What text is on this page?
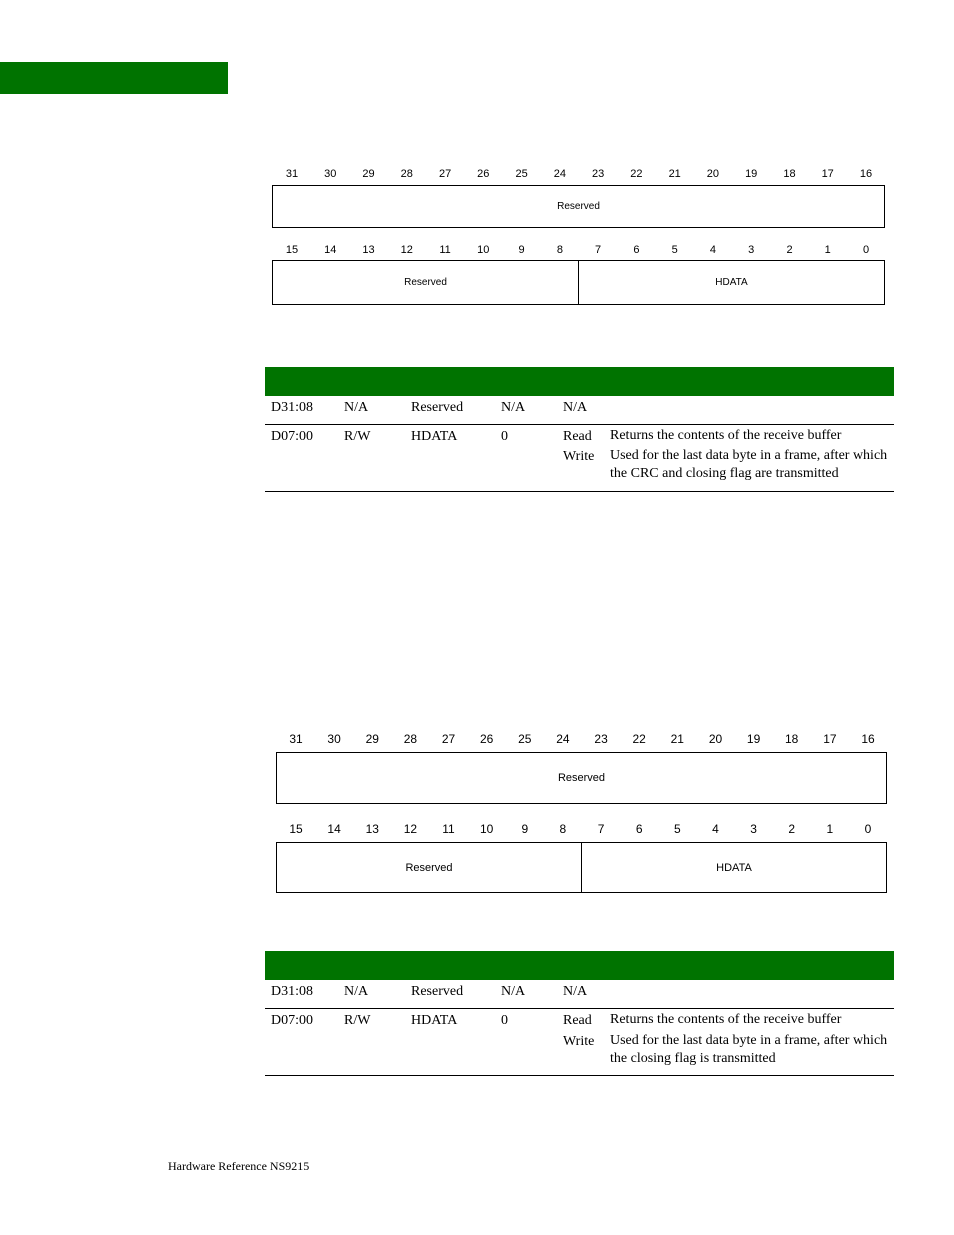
31	30	29	28	27	26	25	24	23	22	21	20	19	18	17	16
Reserved
15	14	13	12	11	10	9	8	7	6	5	4	3	2	1	0
Reserved	HDATA
D31:08 N/A	Reserved	N/A	N/A
D07:00 R/W	HDATA	0	Read Returns the contents of the receive buffer
Write Used for the last data byte in a frame, after which the CRC and closing flag are transmitted
31	30	29	28	27	26	25	24	23	22	21	20	19	18	17	16
Reserved
15	14	13	12	11	10	9	8	7	6	5	4	3	2	1	0
Reserved	HDATA
D31:08 N/A	Reserved	N/A	N/A
D07:00 R/W	HDATA	0	Read Returns the contents of the receive buffer
Write Used for the last data byte in a frame, after which the closing flag is transmitted
Hardware Reference NS9215
